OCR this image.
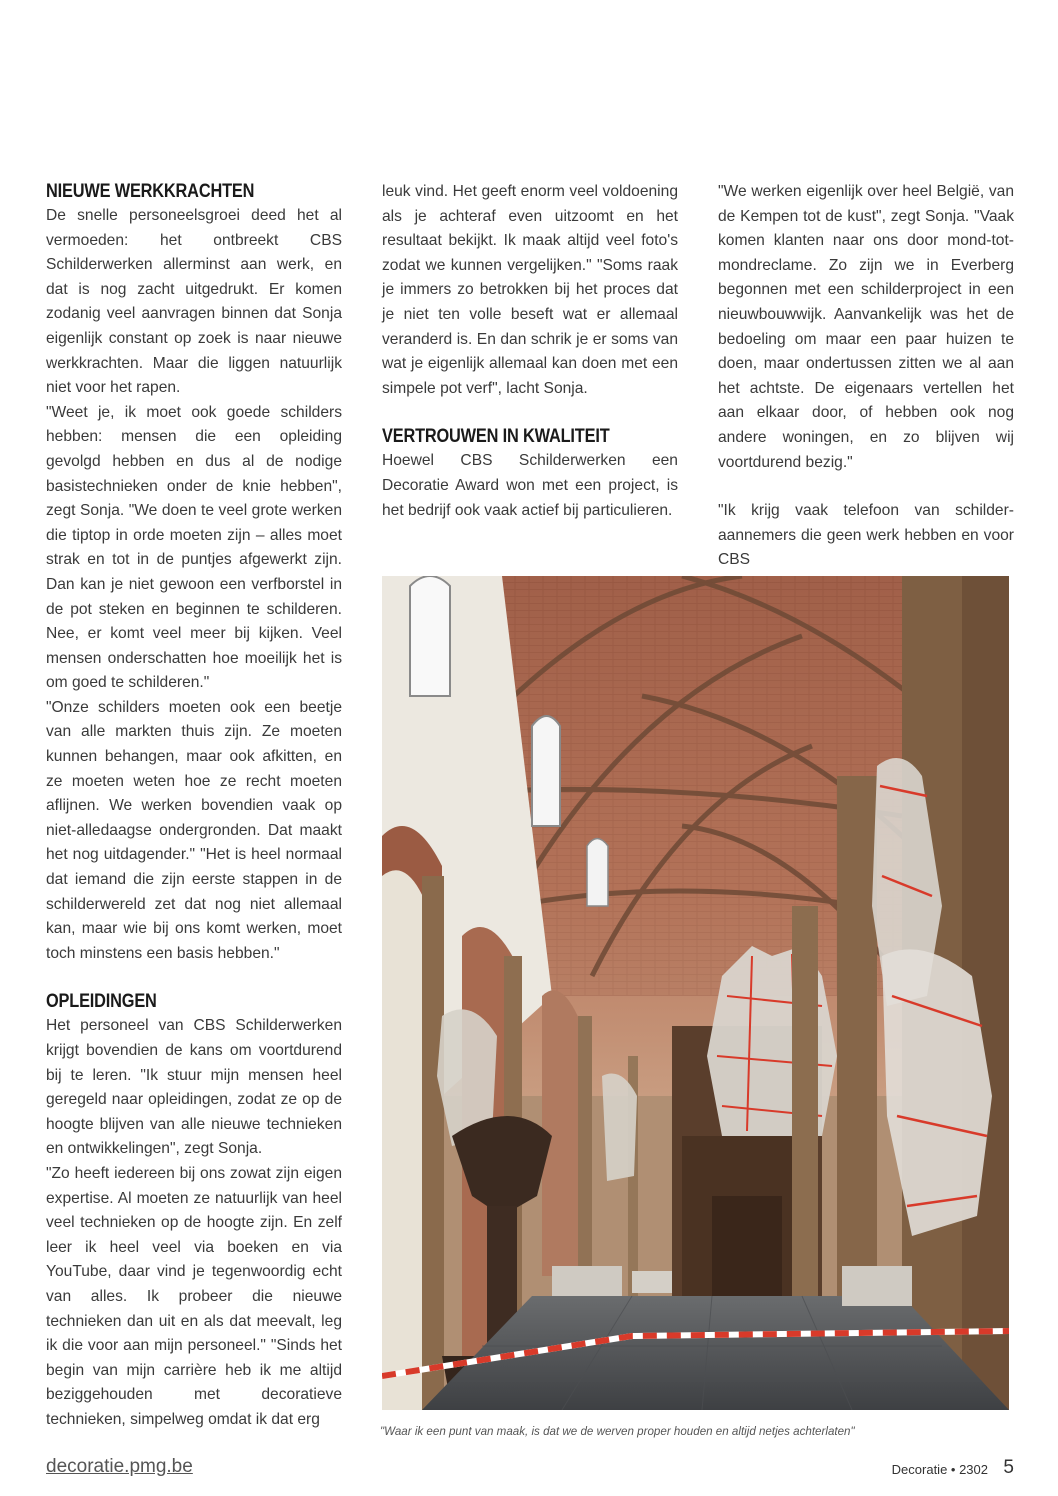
NIEUWE WERKKRACHTEN

De snelle personeelsgroei deed het al vermoeden: het ontbreekt CBS Schilderwerken allerminst aan werk, en dat is nog zacht uitgedrukt. Er komen zodanig veel aanvragen binnen dat Sonja eigenlijk constant op zoek is naar nieuwe werkkrachten. Maar die liggen natuurlijk niet voor het rapen.

"Weet je, ik moet ook goede schilders hebben: mensen die een opleiding gevolgd hebben en dus al de nodige basistechnieken onder de knie hebben", zegt Sonja. "We doen te veel grote werken die tiptop in orde moeten zijn – alles moet strak en tot in de puntjes afgewerkt zijn. Dan kan je niet gewoon een verfborstel in de pot steken en beginnen te schilderen. Nee, er komt veel meer bij kijken. Veel mensen onderschatten hoe moeilijk het is om goed te schilderen."

"Onze schilders moeten ook een beetje van alle markten thuis zijn. Ze moeten kunnen behangen, maar ook afkitten, en ze moeten weten hoe ze recht moeten aflijnen. We werken bovendien vaak op niet-alledaagse ondergronden. Dat maakt het nog uitdagender." "Het is heel normaal dat iemand die zijn eerste stappen in de schilderwereld zet dat nog niet allemaal kan, maar wie bij ons komt werken, moet toch minstens een basis hebben."

OPLEIDINGEN

Het personeel van CBS Schilderwerken krijgt bovendien de kans om voortdurend bij te leren. "Ik stuur mijn mensen heel geregeld naar opleidingen, zodat ze op de hoogte blijven van alle nieuwe technieken en ontwikkelingen", zegt Sonja.

"Zo heeft iedereen bij ons zowat zijn eigen expertise. Al moeten ze natuurlijk van heel veel technieken op de hoogte zijn. En zelf leer ik heel veel via boeken en via YouTube, daar vind je tegenwoordig echt van alles. Ik probeer die nieuwe technieken dan uit en als dat meevalt, leg ik die voor aan mijn personeel." "Sinds het begin van mijn carrière heb ik me altijd beziggehouden met decoratieve technieken, simpelweg omdat ik dat erg

leuk vind. Het geeft enorm veel voldoening als je achteraf even uitzoomt en het resultaat bekijkt. Ik maak altijd veel foto's zodat we kunnen vergelijken." "Soms raak je immers zo betrokken bij het proces dat je niet ten volle beseft wat er allemaal veranderd is. En dan schrik je er soms van wat je eigenlijk allemaal kan doen met een simpele pot verf", lacht Sonja.

VERTROUWEN IN KWALITEIT

Hoewel CBS Schilderwerken een Decoratie Award won met een project, is het bedrijf ook vaak actief bij particulieren.

"We werken eigenlijk over heel België, van de Kempen tot de kust", zegt Sonja. "Vaak komen klanten naar ons door mond-tot-mondreclame. Zo zijn we in Everberg begonnen met een schilderproject in een nieuwbouwwijk. Aanvankelijk was het de bedoeling om maar een paar huizen te doen, maar ondertussen zitten we al aan het achtste. De eigenaars vertellen het aan elkaar door, of hebben ook nog andere woningen, en zo blijven wij voortdurend bezig."

"Ik krijg vaak telefoon van schilder-aannemers die geen werk hebben en voor CBS

"Waar ik een punt van maak, is dat we de werven proper houden en altijd netjes achterlaten"
decoratie.pmg.be	Decoratie • 2302 5
